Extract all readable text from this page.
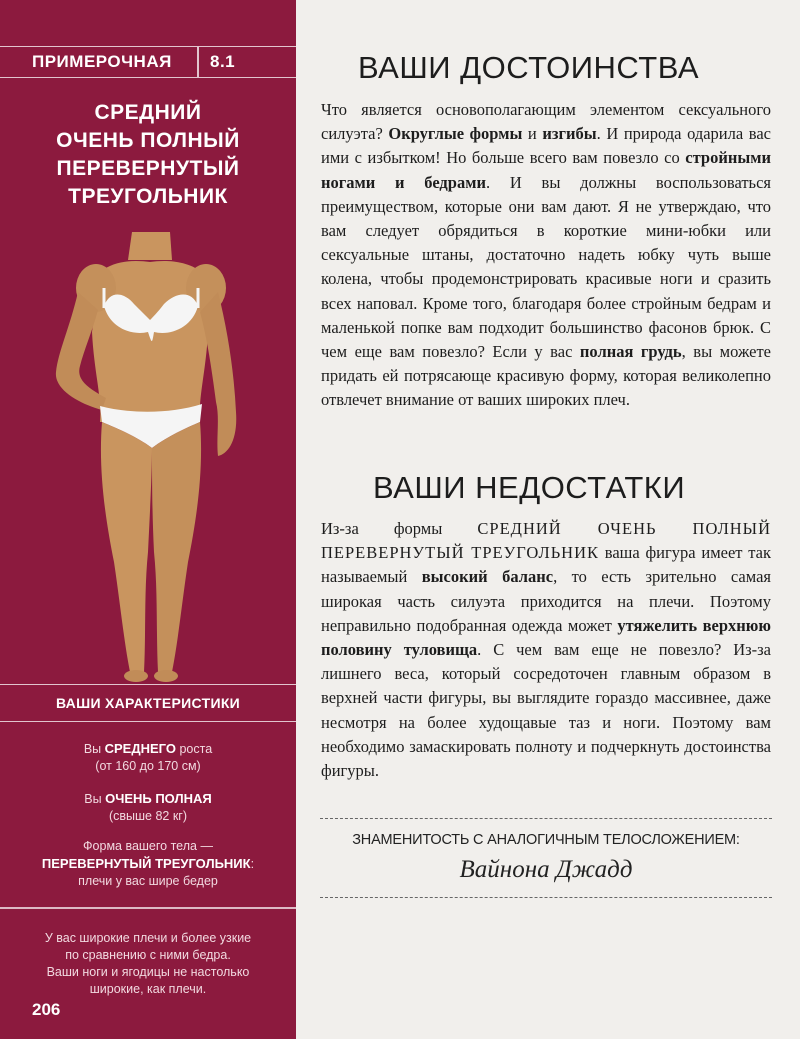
ПРИМЕРОЧНАЯ 8.1
СРЕДНИЙ
ОЧЕНЬ ПОЛНЫЙ
ПЕРЕВЕРНУТЫЙ
ТРЕУГОЛЬНИК
ВАШИ ХАРАКТЕРИСТИКИ
Вы СРЕДНЕГО роста
(от 160 до 170 см)
Вы ОЧЕНЬ ПОЛНАЯ
(свыше 82 кг)
Форма вашего тела —
ПЕРЕВЕРНУТЫЙ ТРЕУГОЛЬНИК:
плечи у вас шире бедер
У вас широкие плечи и более узкие
по сравнению с ними бедра.
Ваши ноги и ягодицы не настолько
широкие, как плечи.
206
ВАШИ ДОСТОИНСТВА

Что является основополагающим элементом сексуального силуэта? Округлые формы и изгибы. И природа одарила вас ими с избытком! Но больше всего вам повезло со стройными ногами и бедрами. И вы должны воспользоваться преимуществом, которые они вам дают. Я не утверждаю, что вам следует обрядиться в короткие мини-юбки или сексуальные штаны, достаточно надеть юбку чуть выше колена, чтобы продемонстрировать красивые ноги и сразить всех наповал. Кроме того, благодаря более стройным бедрам и маленькой попке вам подходит большинство фасонов брюк. С чем еще вам повезло? Если у вас полная грудь, вы можете придать ей потрясающе красивую форму, которая великолепно отвлечет внимание от ваших широких плеч.

ВАШИ НЕДОСТАТКИ

Из-за формы СРЕДНИЙ ОЧЕНЬ ПОЛНЫЙ ПЕРЕВЕРНУТЫЙ ТРЕУГОЛЬНИК ваша фигура имеет так называемый высокий баланс, то есть зрительно самая широкая часть силуэта приходится на плечи. Поэтому неправильно подобранная одежда может утяжелить верхнюю половину туловища. С чем вам еще не повезло? Из-за лишнего веса, который сосредоточен главным образом в верхней части фигуры, вы выглядите гораздо массивнее, даже несмотря на более худощавые таз и ноги. Поэтому вам необходимо замаскировать полноту и подчеркнуть достоинства фигуры.

ЗНАМЕНИТОСТЬ С АНАЛОГИЧНЫМ ТЕЛОСЛОЖЕНИЕМ:
Вайнона Джадд
